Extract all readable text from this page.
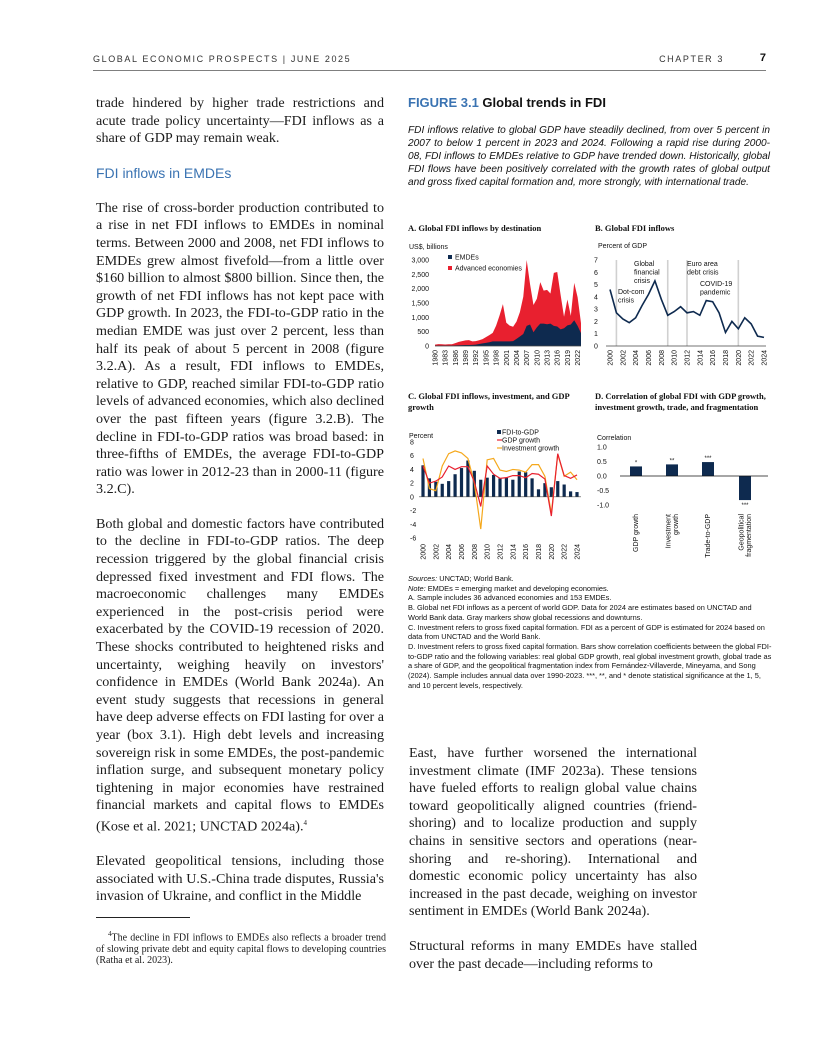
GLOBAL ECONOMIC PROSPECTS | JUNE 2025	CHAPTER 3	7

trade hindered by higher trade restrictions and acute trade policy uncertainty—FDI inflows as a share of GDP may remain weak.

FDI inflows in EMDEs

The rise of cross-border production contributed to a rise in net FDI inflows to EMDEs in nominal terms. Between 2000 and 2008, net FDI inflows to EMDEs grew almost fivefold—from a little over $160 billion to almost $800 billion. Since then, the growth of net FDI inflows has not kept pace with GDP growth. In 2023, the FDI-to-GDP ratio in the median EMDE was just over 2 percent, less than half its peak of about 5 percent in 2008 (figure 3.2.A). As a result, FDI inflows to EMDEs, relative to GDP, reached similar FDI-to-GDP ratio levels of advanced economies, which also declined over the past fifteen years (figure 3.2.B). The decline in FDI-to-GDP ratios was broad based: in three-fifths of EMDEs, the average FDI-to-GDP ratio was lower in 2012-23 than in 2000-11 (figure 3.2.C).

Both global and domestic factors have contributed to the decline in FDI-to-GDP ratios. The deep recession triggered by the global financial crisis depressed fixed investment and FDI flows. The macroeconomic challenges many EMDEs experienced in the post-crisis period were exacerbated by the COVID-19 recession of 2020. These shocks contributed to heightened risks and uncertainty, weighing heavily on investors' confidence in EMDEs (World Bank 2024a). An event study suggests that recessions in general have deep adverse effects on FDI lasting for over a year (box 3.1). High debt levels and increasing sovereign risk in some EMDEs, the post-pandemic inflation surge, and subsequent monetary policy tightening in major economies have restrained financial markets and capital flows to EMDEs (Kose et al. 2021; UNCTAD 2024a).$^4$

Elevated geopolitical tensions, including those associated with U.S.-China trade disputes, Russia's invasion of Ukraine, and conflict in the Middle

$^4$The decline in FDI inflows to EMDEs also reflects a broader trend of slowing private debt and equity capital flows to developing countries (Ratha et al. 2023).

FIGURE 3.1 Global trends in FDI

FDI inflows relative to global GDP have steadily declined, from over 5 percent in 2007 to below 1 percent in 2023 and 2024. Following a rapid rise during 2000-08, FDI inflows to EMDEs relative to GDP have trended down. Historically, global FDI flows have been positively correlated with the growth rates of global output and gross fixed capital formation and, more strongly, with international trade.
A. Global FDI inflows by destination	B. Global FDI inflows
C. Global FDI inflows, investment, and GDP growth
D. Correlation of global FDI with GDP growth, investment growth, trade, and fragmentation
US$, billions
0
500
1,000
1,500
2,000
2,500
3,000
1980 1983 1986 1989 1992 1995 1998 2001 2004 2007 2010 2013 2016 2019 2022
EMDEs
Advanced economies
Percent of GDP
0
1
2
3
4
5
6
7
2000 2002 2004 2006 2008 2010 2012 2014 2016 2018 2020 2022 2024
Global
financial
crisis
Dot-com
crisis
Euro area
debt crisis
COVID-19
pandemic
Percent
-6
-4
-2
0
2
4
6
8
2000 2002 2004 2006 2008 2010 2012 2014 2016 2018 2020 2022 2024
FDI-to-GDP
GDP growth
Investment growth
Correlation
-1.0
-0.5
0.0
0.5
1.0
*	**	***
***
GDP growth	Investment growth	Trade-to-GDP	Geopolitical fragmentation
Sources: UNCTAD; World Bank.
Note: EMDEs = emerging market and developing economies.
A. Sample includes 36 advanced economies and 153 EMDEs.
B. Global net FDI inflows as a percent of world GDP. Data for 2024 are estimates based on UNCTAD and World Bank data. Gray markers show global recessions and downturns.
C. Investment refers to gross fixed capital formation. FDI as a percent of GDP is estimated for 2024 based on data from UNCTAD and the World Bank.
D. Investment refers to gross fixed capital formation. Bars show correlation coefficients between the global FDI-to-GDP ratio and the following variables: real global GDP growth, real global investment growth, global trade as a share of GDP, and the geopolitical fragmentation index from Fernández-Villaverde, Mineyama, and Song (2024). Sample includes annual data over 1990-2023. ***, **, and * denote statistical significance at the 1, 5, and 10 percent levels, respectively.

East, have further worsened the international investment climate (IMF 2023a). These tensions have fueled efforts to realign global value chains toward geopolitically aligned countries (friend-shoring) and to localize production and supply chains in sensitive sectors and operations (near-shoring and re-shoring). International and domestic economic policy uncertainty has also increased in the past decade, weighing on investor sentiment in EMDEs (World Bank 2024a).

Structural reforms in many EMDEs have stalled over the past decade—including reforms to
